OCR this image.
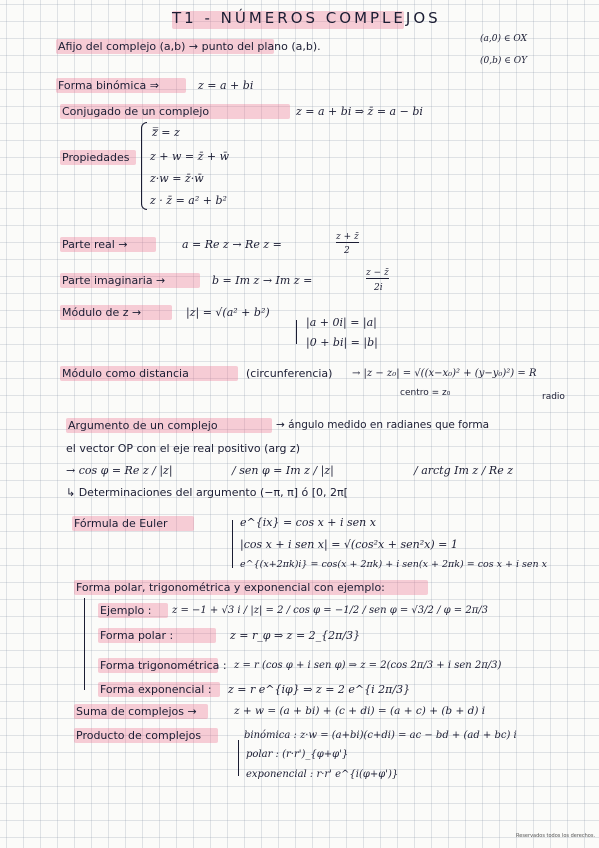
T1 - NÚMEROS COMPLEJOS
Afijo del complejo (a,b) → punto del plano (a,b).
(a,0) ∈ OX
(0,b) ∈ OY
Forma binómica ⇒	z = a + bi
Conjugado de un complejo	z = a + bi ⇒ z̄ = a − bi
Propiedades
z̿ = z
z + w = z̄ + w̄
z·w = z̄·w̄
z · z̄ = a² + b²
Parte real →	a = Re z → Re z =
z + z̄
2
Parte imaginaria →	b = Im z → Im z =
z − z̄
2i
Módulo de z →	|z| = √(a² + b²)
|a + 0i| = |a|
|0 + bi| = |b|
Módulo como distancia	(circunferencia) → |z − z₀| = √((x−x₀)² + (y−y₀)²) = R
centro = z₀	radio
Argumento de un complejo	→ ángulo medido en radianes que forma
el vector OP con el eje real positivo (arg z)
→ cos φ = Re z / |z|	/ sen φ = Im z / |z|	/ arctg Im z / Re z
↳ Determinaciones del argumento (−π, π] ó [0, 2π[
Fórmula de Euler	e^{ix} = cos x + i sen x
|cos x + i sen x| = √(cos²x + sen²x) = 1
e^{(x+2πk)i} = cos(x + 2πk) + i sen(x + 2πk) = cos x + i sen x
Forma polar, trigonométrica y exponencial con ejemplo:
Ejemplo : z = −1 + √3 i / |z| = 2 / cos φ = −1/2 / sen φ = √3/2 / φ = 2π/3
Forma polar :	z = r_φ ⇒ z = 2_{2π/3}
Forma trigonométrica : z = r (cos φ + i sen φ) ⇒ z = 2(cos 2π/3 + i sen 2π/3)
Forma exponencial : z = r e^{iφ} ⇒ z = 2 e^{i 2π/3}
Suma de complejos →	z + w = (a + bi) + (c + di) = (a + c) + (b + d) i
Producto de complejos	binómica : z·w = (a+bi)(c+di) = ac − bd + (ad + bc) i
polar : (r·r')_{φ+φ'}
exponencial : r·r' e^{i(φ+φ')}
Reservados todos los derechos.
